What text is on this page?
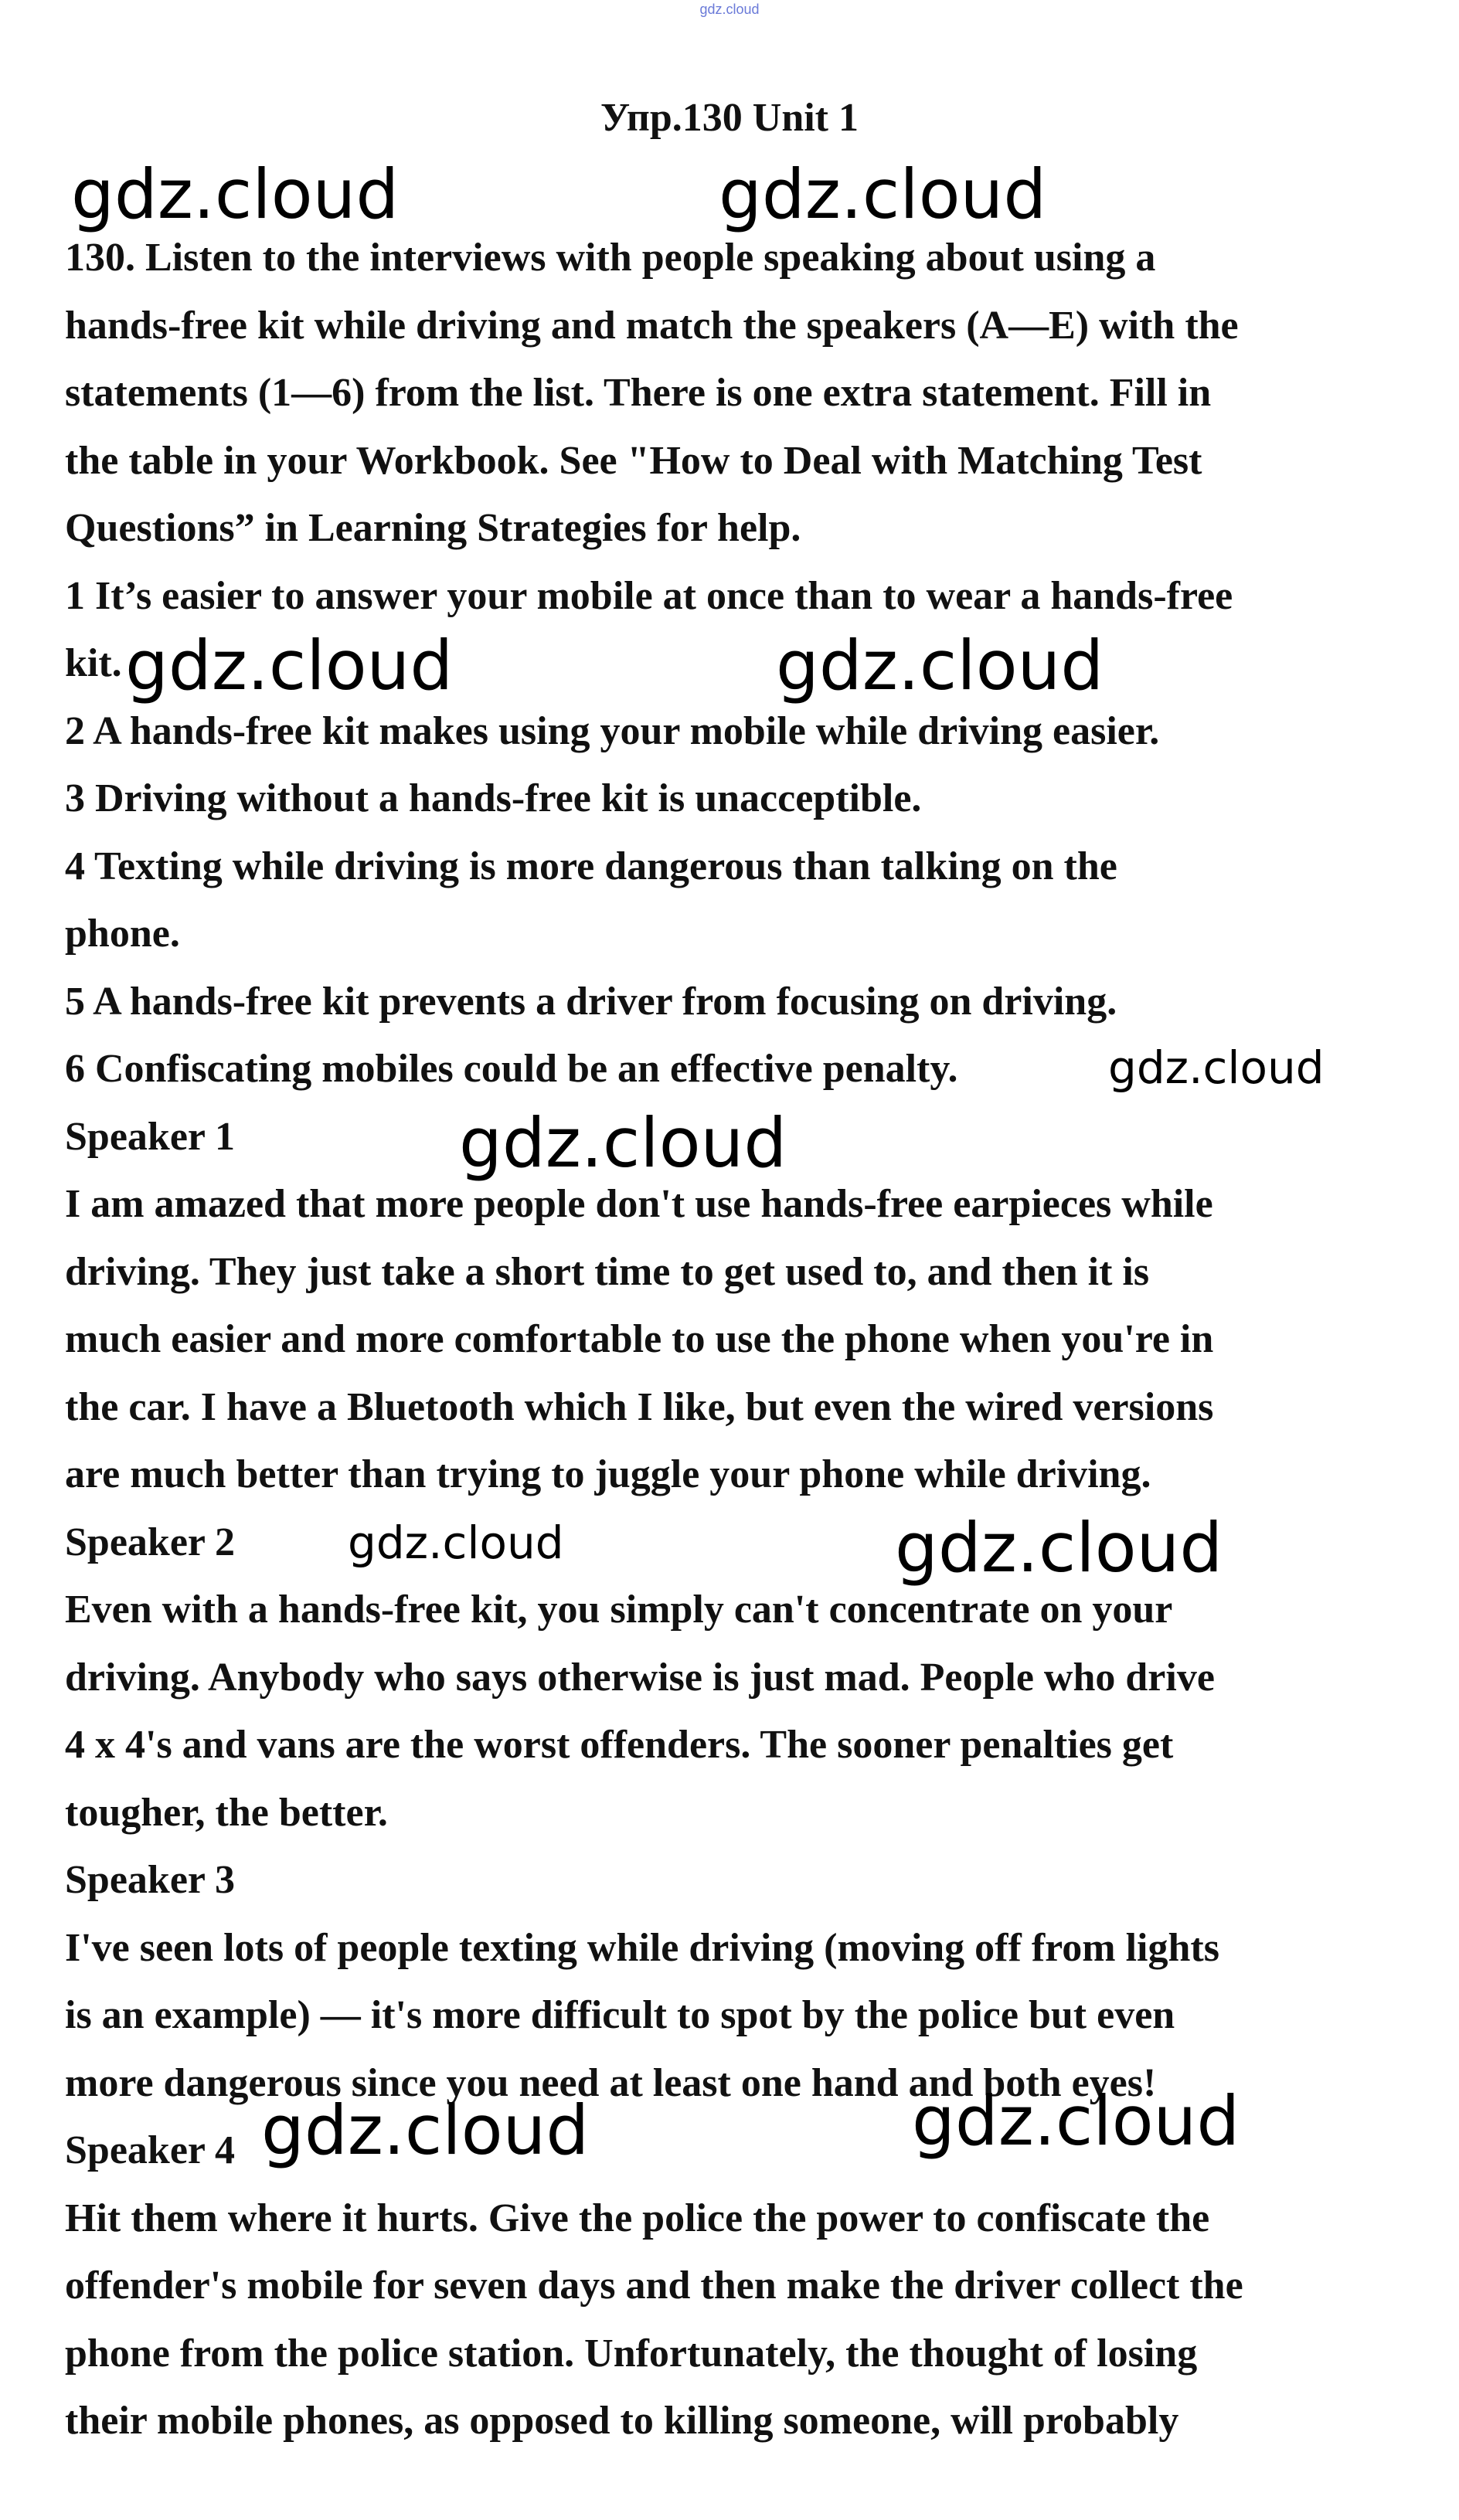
gdz.cloud
Упр.130 Unit 1
130. Listen to the interviews with people speaking about using a
hands-free kit while driving and match the speakers (A—E) with the
statements (1—6) from the list. There is one extra statement. Fill in
the table in your Workbook. See "How to Deal with Matching Test
Questions” in Learning Strategies for help.
1 It’s easier to answer your mobile at once than to wear a hands-free
kit.
2 A hands-free kit makes using your mobile while driving easier.
3 Driving without a hands-free kit is unacceptible.
4 Texting while driving is more dangerous than talking on the
phone.
5 A hands-free kit prevents a driver from focusing on driving.
6 Confiscating mobiles could be an effective penalty.
Speaker 1
I am amazed that more people don't use hands-free earpieces while
driving. They just take a short time to get used to, and then it is
much easier and more comfortable to use the phone when you're in
the car. I have a Bluetooth which I like, but even the wired versions
are much better than trying to juggle your phone while driving.
Speaker 2
Even with a hands-free kit, you simply can't concentrate on your
driving. Anybody who says otherwise is just mad. People who drive
4 x 4's and vans are the worst offenders. The sooner penalties get
tougher, the better.
Speaker 3
I've seen lots of people texting while driving (moving off from lights
is an example) — it's more difficult to spot by the police but even
more dangerous since you need at least one hand and both eyes!
Speaker 4
Hit them where it hurts. Give the police the power to confiscate the
offender's mobile for seven days and then make the driver collect the
phone from the police station. Unfortunately, the thought of losing
their mobile phones, as opposed to killing someone, will probably
gdz.cloud	gdz.cloud
gdz.cloud	gdz.cloud
gdz.cloud
gdz.cloud
gdz.cloud	gdz.cloud
gdz.cloud	gdz.cloud
